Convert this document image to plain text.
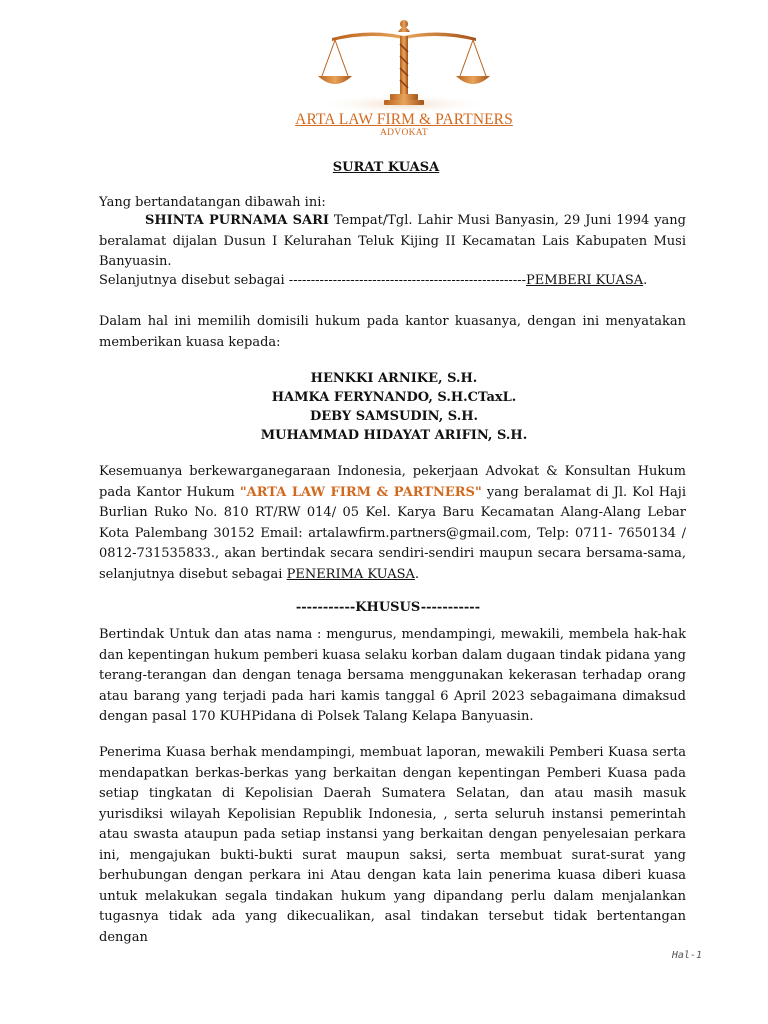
ARTA LAW FIRM & PARTNERS
ADVOKAT
SURAT KUASA
Yang bertandatangan dibawah ini:
SHINTA PURNAMA SARI Tempat/Tgl. Lahir Musi Banyasin, 29 Juni 1994 yang beralamat dijalan Dusun I Kelurahan Teluk Kijing II Kecamatan Lais Kabupaten Musi Banyuasin.
Selanjutnya disebut sebagai ------------------------------------------------------PEMBERI KUASA.
Dalam hal ini memilih domisili hukum pada kantor kuasanya, dengan ini menyatakan memberikan kuasa kepada:
HENKKI ARNIKE, S.H.
HAMKA FERYNANDO, S.H.CTaxL.
DEBY SAMSUDIN, S.H.
MUHAMMAD HIDAYAT ARIFIN, S.H.
Kesemuanya berkewarganegaraan Indonesia, pekerjaan Advokat & Konsultan Hukum pada Kantor Hukum "ARTA LAW FIRM & PARTNERS" yang beralamat di Jl. Kol Haji Burlian Ruko No. 810 RT/RW 014/ 05 Kel. Karya Baru Kecamatan Alang-Alang Lebar Kota Palembang 30152 Email: artalawfirm.partners@gmail.com, Telp: 0711- 7650134 / 0812-731535833., akan bertindak secara sendiri-sendiri maupun secara bersama-sama, selanjutnya disebut sebagai PENERIMA KUASA.
-----------KHUSUS-----------
Bertindak Untuk dan atas nama : mengurus, mendampingi, mewakili, membela hak-hak dan kepentingan hukum pemberi kuasa selaku korban dalam dugaan tindak pidana yang terang-terangan dan dengan tenaga bersama menggunakan kekerasan terhadap orang atau barang yang terjadi pada hari kamis tanggal 6 April 2023 sebagaimana dimaksud dengan pasal 170 KUHPidana di Polsek Talang Kelapa Banyuasin.
Penerima Kuasa berhak mendampingi, membuat laporan, mewakili Pemberi Kuasa serta mendapatkan berkas-berkas yang berkaitan dengan kepentingan Pemberi Kuasa pada setiap tingkatan di Kepolisian Daerah Sumatera Selatan, dan atau masih masuk yurisdiksi wilayah Kepolisian Republik Indonesia, , serta seluruh instansi pemerintah atau swasta ataupun pada setiap instansi yang berkaitan dengan penyelesaian perkara ini, mengajukan bukti-bukti surat maupun saksi, serta membuat surat-surat yang berhubungan dengan perkara ini Atau dengan kata lain penerima kuasa diberi kuasa untuk melakukan segala tindakan hukum yang dipandang perlu dalam menjalankan tugasnya tidak ada yang dikecualikan, asal tindakan tersebut tidak bertentangan dengan
Hal-1
